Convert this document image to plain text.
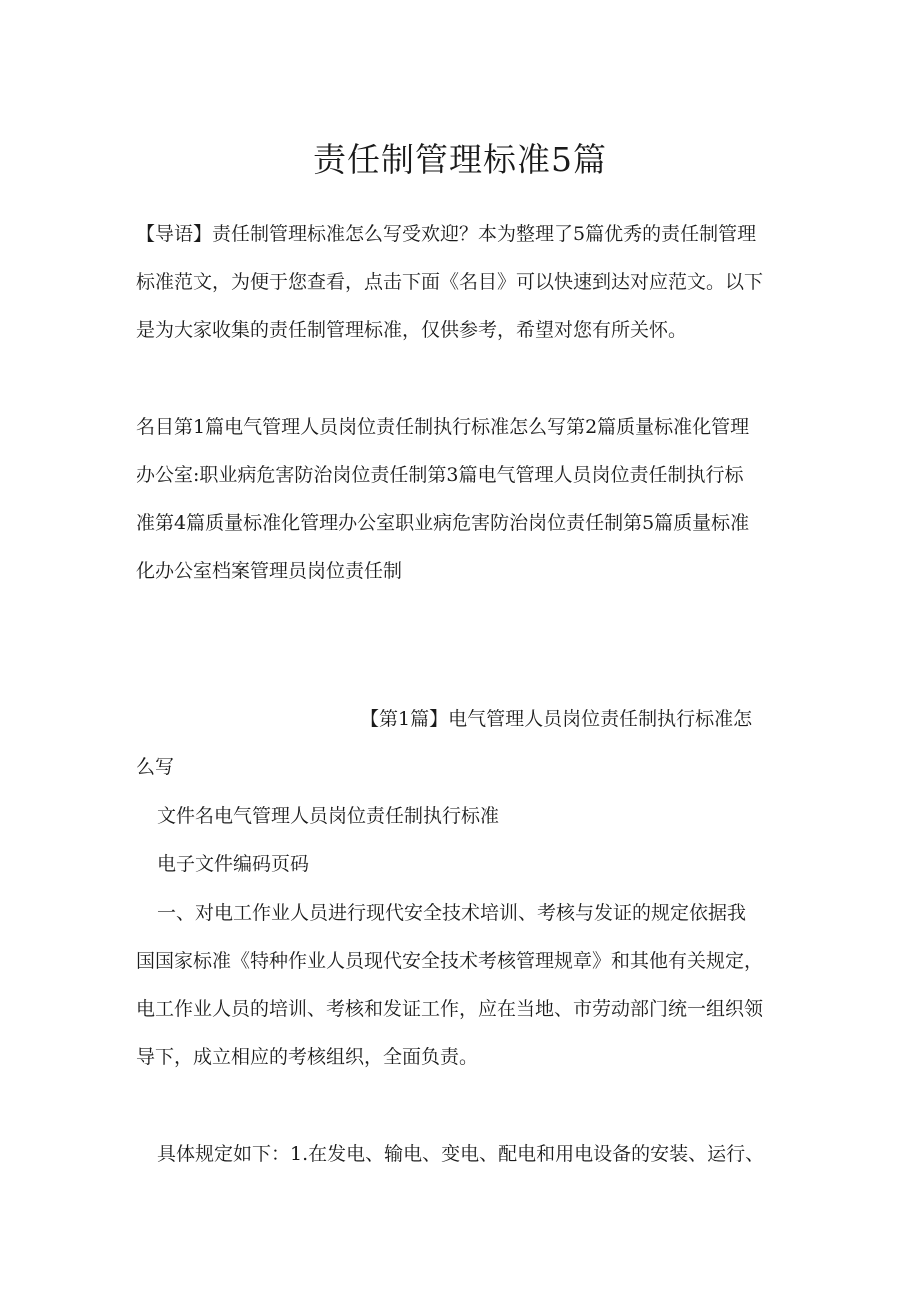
责任制管理标准5篇
【导语】责任制管理标准怎么写受欢迎？本为整理了5篇优秀的责任制管理
标准范文，为便于您查看，点击下面《名目》可以快速到达对应范文。以下
是为大家收集的责任制管理标准，仅供参考，希望对您有所关怀。
名目第1篇电气管理人员岗位责任制执行标准怎么写第2篇质量标准化管理
办公室:职业病危害防治岗位责任制第3篇电气管理人员岗位责任制执行标
准第4篇质量标准化管理办公室职业病危害防治岗位责任制第5篇质量标准
化办公室档案管理员岗位责任制
【第1篇】电气管理人员岗位责任制执行标准怎
么写
文件名电气管理人员岗位责任制执行标准
电子文件编码页码
一、对电工作业人员进行现代安全技术培训、考核与发证的规定依据我
国国家标准《特种作业人员现代安全技术考核管理规章》和其他有关规定，
电工作业人员的培训、考核和发证工作，应在当地、市劳动部门统一组织领
导下，成立相应的考核组织，全面负责。
具体规定如下：1.在发电、输电、变电、配电和用电设备的安装、运行、
